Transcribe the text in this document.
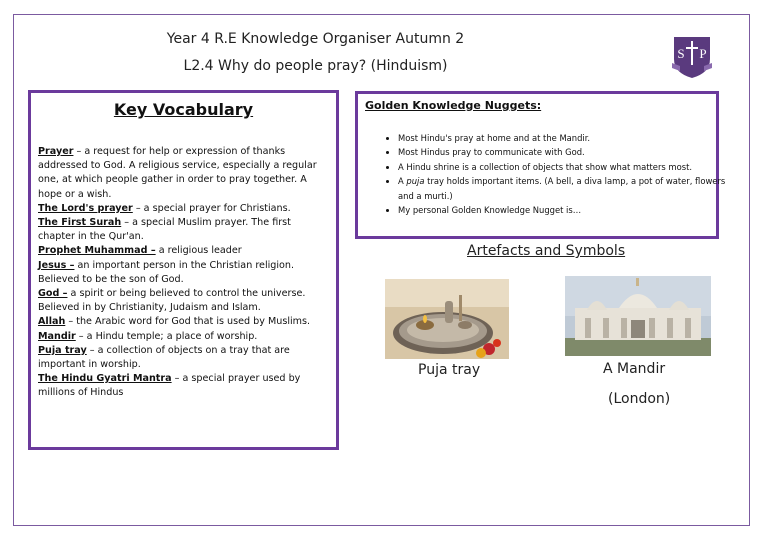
Year 4 R.E Knowledge Organiser Autumn 2
L2.4 Why do people pray? (Hinduism)
S P
Key Vocabulary

Prayer – a request for help or expression of thanks addressed to God. A religious service, especially a regular one, at which people gather in order to pray together. A hope or a wish.

The Lord's prayer – a special prayer for Christians.

The First Surah – a special Muslim prayer. The first chapter in the Qur'an.

Prophet Muhammad – a religious leader

Jesus – an important person in the Christian religion. Believed to be the son of God.

God – a spirit or being believed to control the universe. Believed in by Christianity, Judaism and Islam.

Allah – the Arabic word for God that is used by Muslims.

Mandir – a Hindu temple; a place of worship.

Puja tray – a collection of objects on a tray that are important in worship.

The Hindu Gyatri Mantra – a special prayer used by millions of Hindus

Golden Knowledge Nuggets:
• Most Hindu's pray at home and at the Mandir.
• Most Hindus pray to communicate with God.
• A Hindu shrine is a collection of objects that show what matters most.
• A puja tray holds important items. (A bell, a diva lamp, a pot of water, flowers and a murti.)
• My personal Golden Knowledge Nugget is…
Artefacts and Symbols
Puja tray	A Mandir
(London)
